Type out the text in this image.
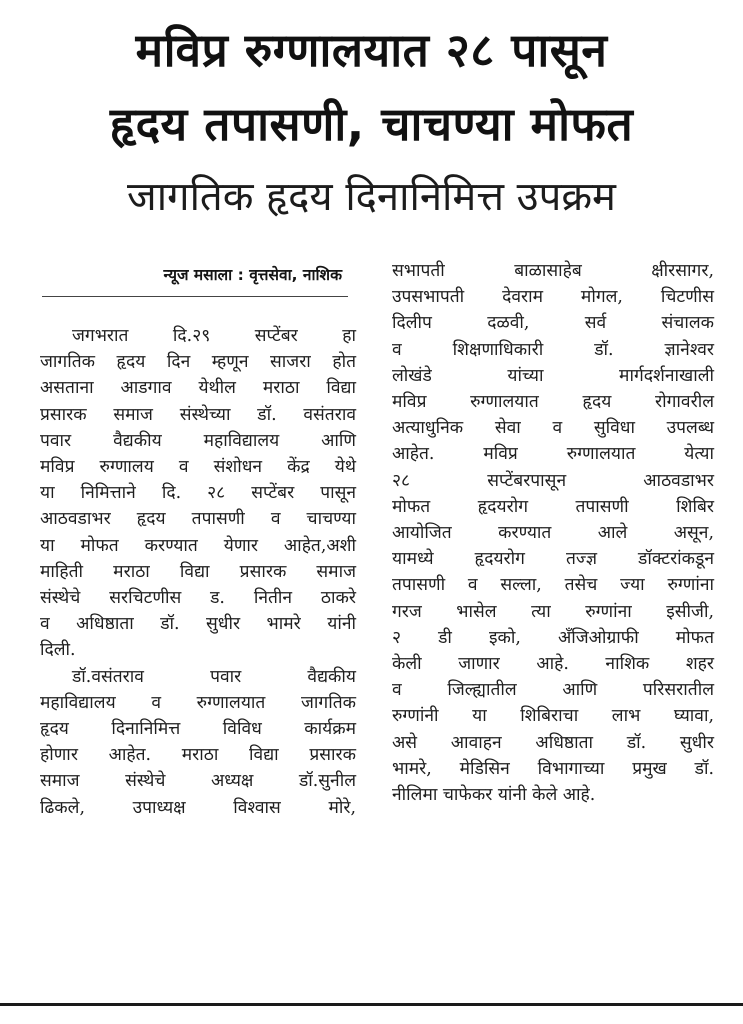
मविप्र रुग्णालयात २८ पासून
हृदय तपासणी, चाचण्या मोफत
जागतिक हृदय दिनानिमित्त उपक्रम
न्यूज मसाला : वृत्तसेवा, नाशिक

जगभरात दि.२९ सप्टेंबर हा
जागतिक हृदय दिन म्हणून साजरा होत
असताना आडगाव येथील मराठा विद्या
प्रसारक समाज संस्थेच्या डॉ. वसंतराव
पवार वैद्यकीय महाविद्यालय आणि
मविप्र रुग्णालय व संशोधन केंद्र येथे
या निमित्ताने दि. २८ सप्टेंबर पासून
आठवडाभर हृदय तपासणी व चाचण्या
या मोफत करण्यात येणार आहेत,अशी
माहिती मराठा विद्या प्रसारक समाज
संस्थेचे सरचिटणीस ड. नितीन ठाकरे
व अधिष्ठाता डॉ. सुधीर भामरे यांनी
दिली.

डॉ.वसंतराव पवार वैद्यकीय
महाविद्यालय व रुग्णालयात जागतिक
हृदय दिनानिमित्त विविध कार्यक्रम
होणार आहेत. मराठा विद्या प्रसारक
समाज संस्थेचे अध्यक्ष डॉ.सुनील
ढिकले, उपाध्यक्ष विश्वास मोरे,

सभापती बाळासाहेब क्षीरसागर,
उपसभापती देवराम मोगल, चिटणीस
दिलीप दळवी, सर्व संचालक
व शिक्षणाधिकारी डॉ. ज्ञानेश्वर
लोखंडे यांच्या मार्गदर्शनाखाली
मविप्र रुग्णालयात हृदय रोगावरील
अत्याधुनिक सेवा व सुविधा उपलब्ध
आहेत. मविप्र रुग्णालयात येत्या
२८ सप्टेंबरपासून आठवडाभर
मोफत हृदयरोग तपासणी शिबिर
आयोजित करण्यात आले असून,
यामध्ये हृदयरोग तज्ज्ञ डॉक्टरांकडून
तपासणी व सल्ला, तसेच ज्या रुग्णांना
गरज भासेल त्या रुग्णांना इसीजी,
२ डी इको, अँजिओग्राफी मोफत
केली जाणार आहे. नाशिक शहर
व जिल्ह्यातील आणि परिसरातील
रुग्णांनी या शिबिराचा लाभ घ्यावा,
असे आवाहन अधिष्ठाता डॉ. सुधीर
भामरे, मेडिसिन विभागाच्या प्रमुख डॉ.
नीलिमा चाफेकर यांनी केले आहे.
